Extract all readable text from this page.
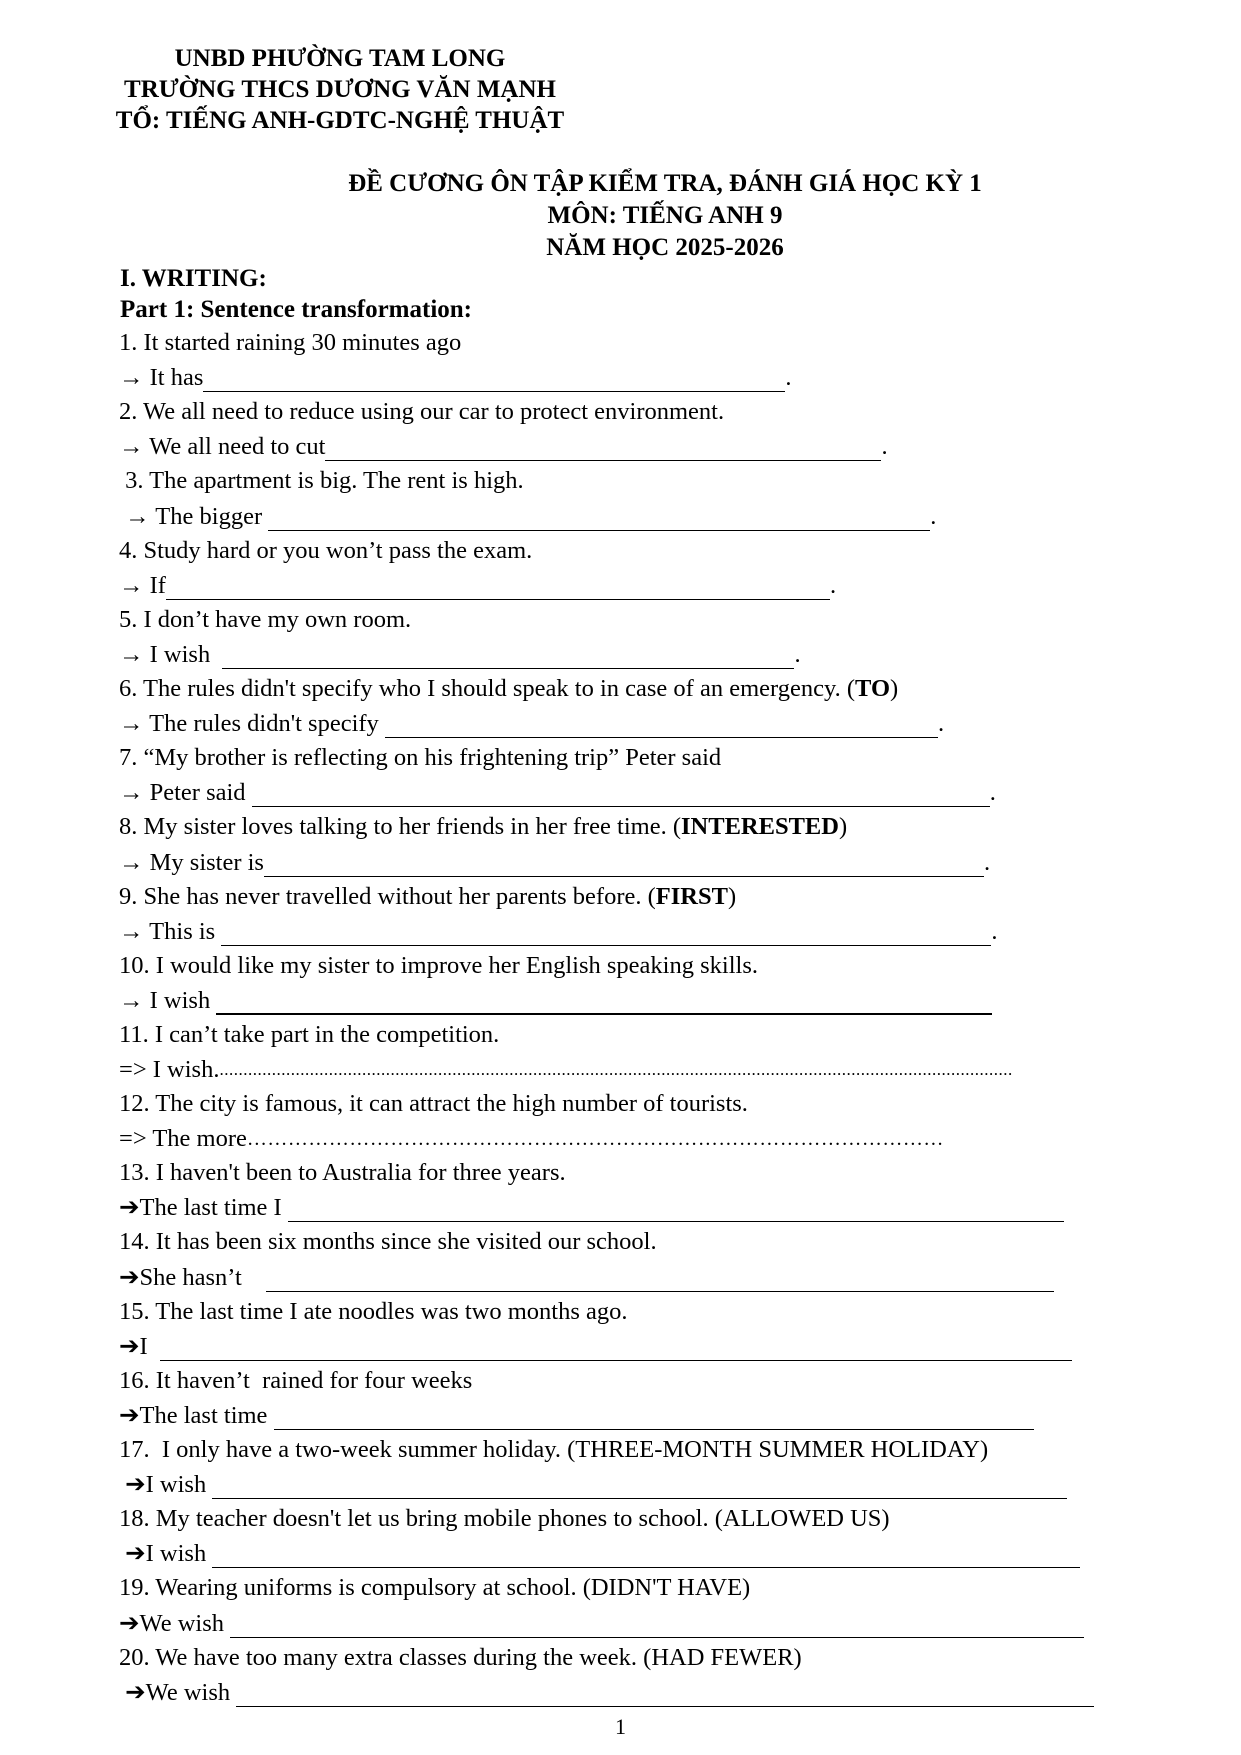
UNBD PHƯỜNG TAM LONG
TRƯỜNG THCS DƯƠNG VĂN MẠNH
TỔ: TIẾNG ANH-GDTC-NGHỆ THUẬT
ĐỀ CƯƠNG ÔN TẬP KIỂM TRA, ĐÁNH GIÁ HỌC KỲ 1
MÔN: TIẾNG ANH 9
NĂM HỌC 2025-2026
I. WRITING:
Part 1: Sentence transformation:
1. It started raining 30 minutes ago
→ It has	.
2. We all need to reduce using our car to protect environment.
→ We all need to cut	.
3. The apartment is big. The rent is high.
→ The bigger	.
4. Study hard or you won’t pass the exam.
→ If	.
5. I don’t have my own room.
→ I wish	.
6. The rules didn't specify who I should speak to in case of an emergency. (TO)
→ The rules didn't specify	.
7. “My brother is reflecting on his frightening trip” Peter said
→ Peter said	.
8. My sister loves talking to her friends in her free time. (INTERESTED)
→ My sister is	.
9. She has never travelled without her parents before. (FIRST)
→ This is	.
10. I would like my sister to improve her English speaking skills.
→ I wish
11. I can’t take part in the competition.
=> I wish. .......................................................................................................................................................................
12. The city is famous, it can attract the high number of tourists.
=> The more …………………………………………………………………………………………
13. I haven't been to Australia for three years.
➔The last time I
14. It has been six months since she visited our school.
➔She hasn’t
15. The last time I ate noodles was two months ago.
➔I
16. It haven’t  rained for four weeks
➔The last time
17.  I only have a two-week summer holiday. (THREE-MONTH SUMMER HOLIDAY)
➔I wish
18. My teacher doesn't let us bring mobile phones to school. (ALLOWED US)
➔I wish
19. Wearing uniforms is compulsory at school. (DIDN'T HAVE)
➔We wish
20. We have too many extra classes during the week. (HAD FEWER)
➔We wish
1
